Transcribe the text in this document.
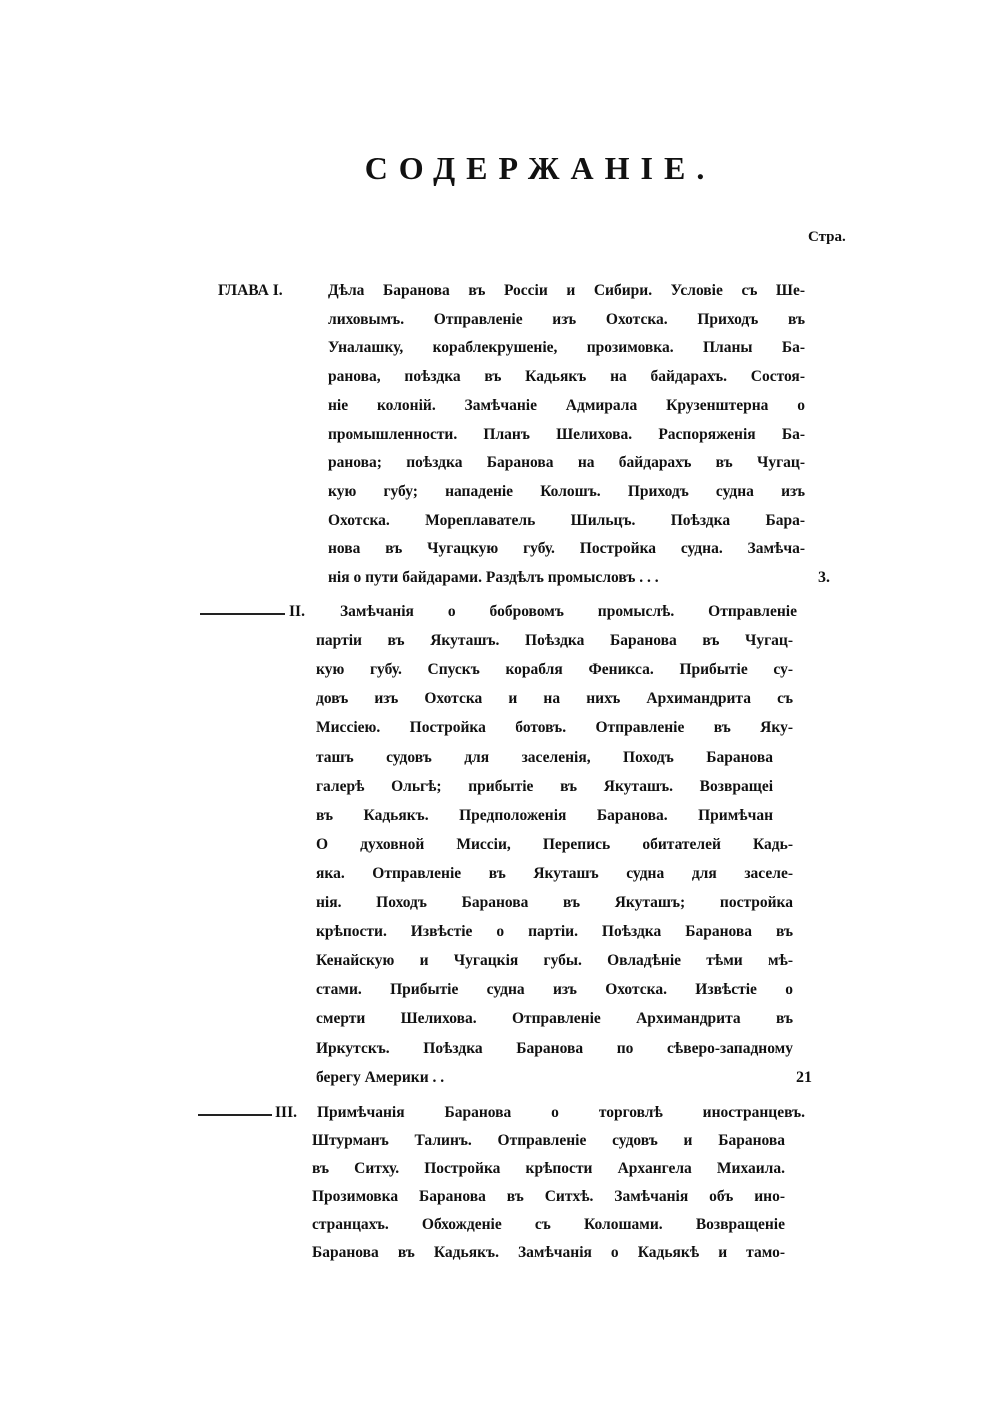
СОДЕРЖАНІЕ.
Стра.
ГЛАВА I.	Дѣла Баранова въ Россіи и Сибири. Условіе съ Ше-
лиховымъ. Отправленіе изъ Охотска. Приходъ въ
Уналашку, кораблекрушеніе, прозимовка. Планы Ба-
ранова, поѣздка въ Кадьякъ на байдарахъ. Состоя-
ніе колоній. Замѣчаніе Адмирала Крузенштерна о
промышленности. Планъ Шелихова. Распоряженія Ба-
ранова; поѣздка Баранова на байдарахъ въ Чугац-
кую губу; нападеніе Колошъ. Приходъ судна изъ
Охотска. Мореплаватель Шильцъ. Поѣздка Бара-
нова въ Чугацкую губу. Постройка судна. Замѣча-
нія о пути байдарами. Раздѣлъ промысловъ . . .	3.
II. Замѣчанія о бобровомъ промыслѣ. Отправленіе
партіи въ Якуташъ. Поѣздка Баранова въ Чугац-
кую губу. Спускъ корабля Феникса. Прибытіе су-
довъ изъ Охотска и на нихъ Архимандрита съ
Миссіею. Постройка ботовъ. Отправленіе въ Яку-
ташъ судовъ для заселенія, Походъ Баранова
галерѣ Ольгѣ; прибытіе въ Якуташъ. Возвращеі
въ Кадьякъ. Предположенія Баранова. Примѣчан
О духовной Миссіи, Перепись обитателей Кадь-
яка. Отправленіе въ Якуташъ судна для заселе-
нія. Походъ Баранова въ Якуташъ; постройка
крѣпости. Извѣстіе о партіи. Поѣздка Баранова въ
Кенайскую и Чугацкія губы. Овладѣніе тѣми мѣ-
стами. Прибытіе судна изъ Охотска. Извѣстіе о
смерти Шелихова. Отправленіе Архимандрита въ
Иркутскъ. Поѣздка Баранова по сѣверо-западному
берегу Америки . .	21
III. Примѣчанія Баранова о торговлѣ иностранцевъ.
Штурманъ Талинъ. Отправленіе судовъ и Баранова
въ Ситху. Постройка крѣпости Архангела Михаила.
Прозимовка Баранова въ Ситхѣ. Замѣчанія объ ино-
странцахъ. Обхожденіе съ Колошами. Возвращеніе
Баранова въ Кадьякъ. Замѣчанія о Кадьякѣ и тамо-
